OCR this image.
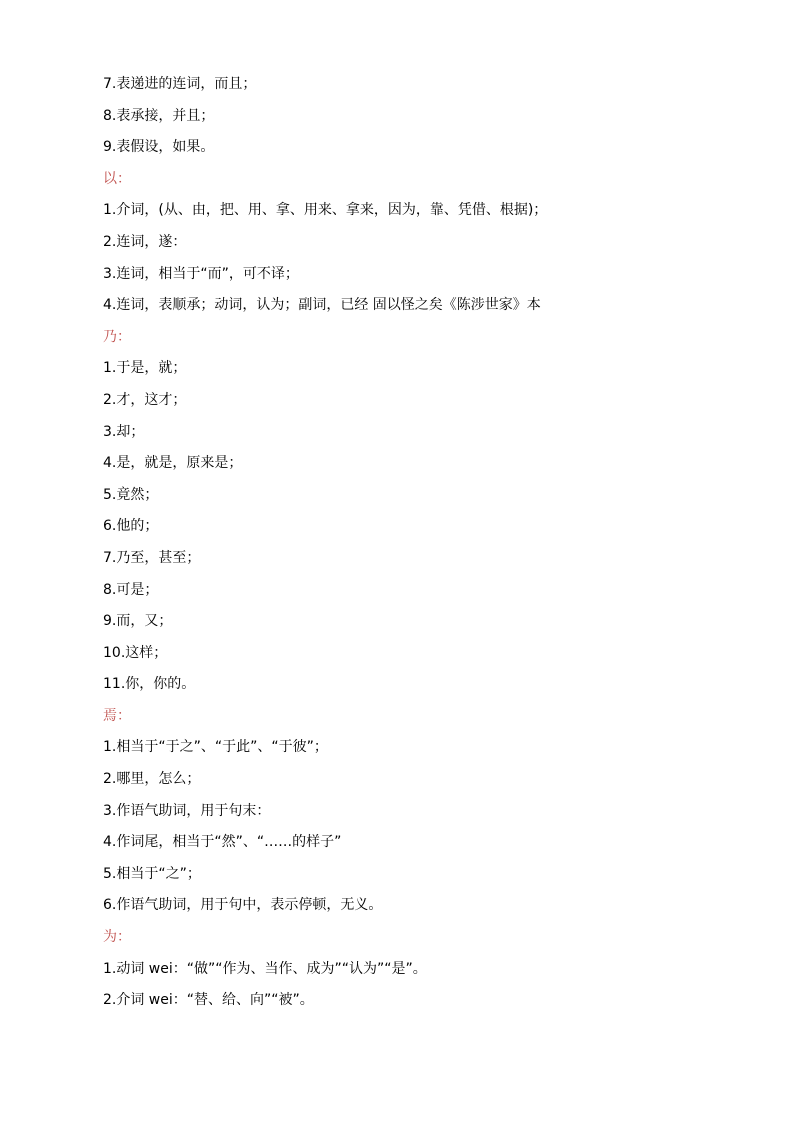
7.表递进的连词，而且；
8.表承接，并且；
9.表假设，如果。
以：
1.介词，(从、由，把、用、拿、用来、拿来，因为，靠、凭借、根据)；
2.连词，遂：
3.连词，相当于“而”，可不译；
4.连词，表顺承；动词，认为；副词，已经 固以怪之矣《陈涉世家》本
乃：
1.于是，就；
2.才，这才；
3.却；
4.是，就是，原来是；
5.竟然；
6.他的；
7.乃至，甚至；
8.可是；
9.而，又；
10.这样；
11.你，你的。
焉：
1.相当于“于之”、“于此”、“于彼”；
2.哪里，怎么；
3.作语气助词，用于句末：
4.作词尾，相当于“然”、“……的样子”
5.相当于“之”；
6.作语气助词，用于句中，表示停顿，无义。
为：
1.动词 wei：“做”“作为、当作、成为”“认为”“是”。
2.介词 wei：“替、给、向”“被”。
